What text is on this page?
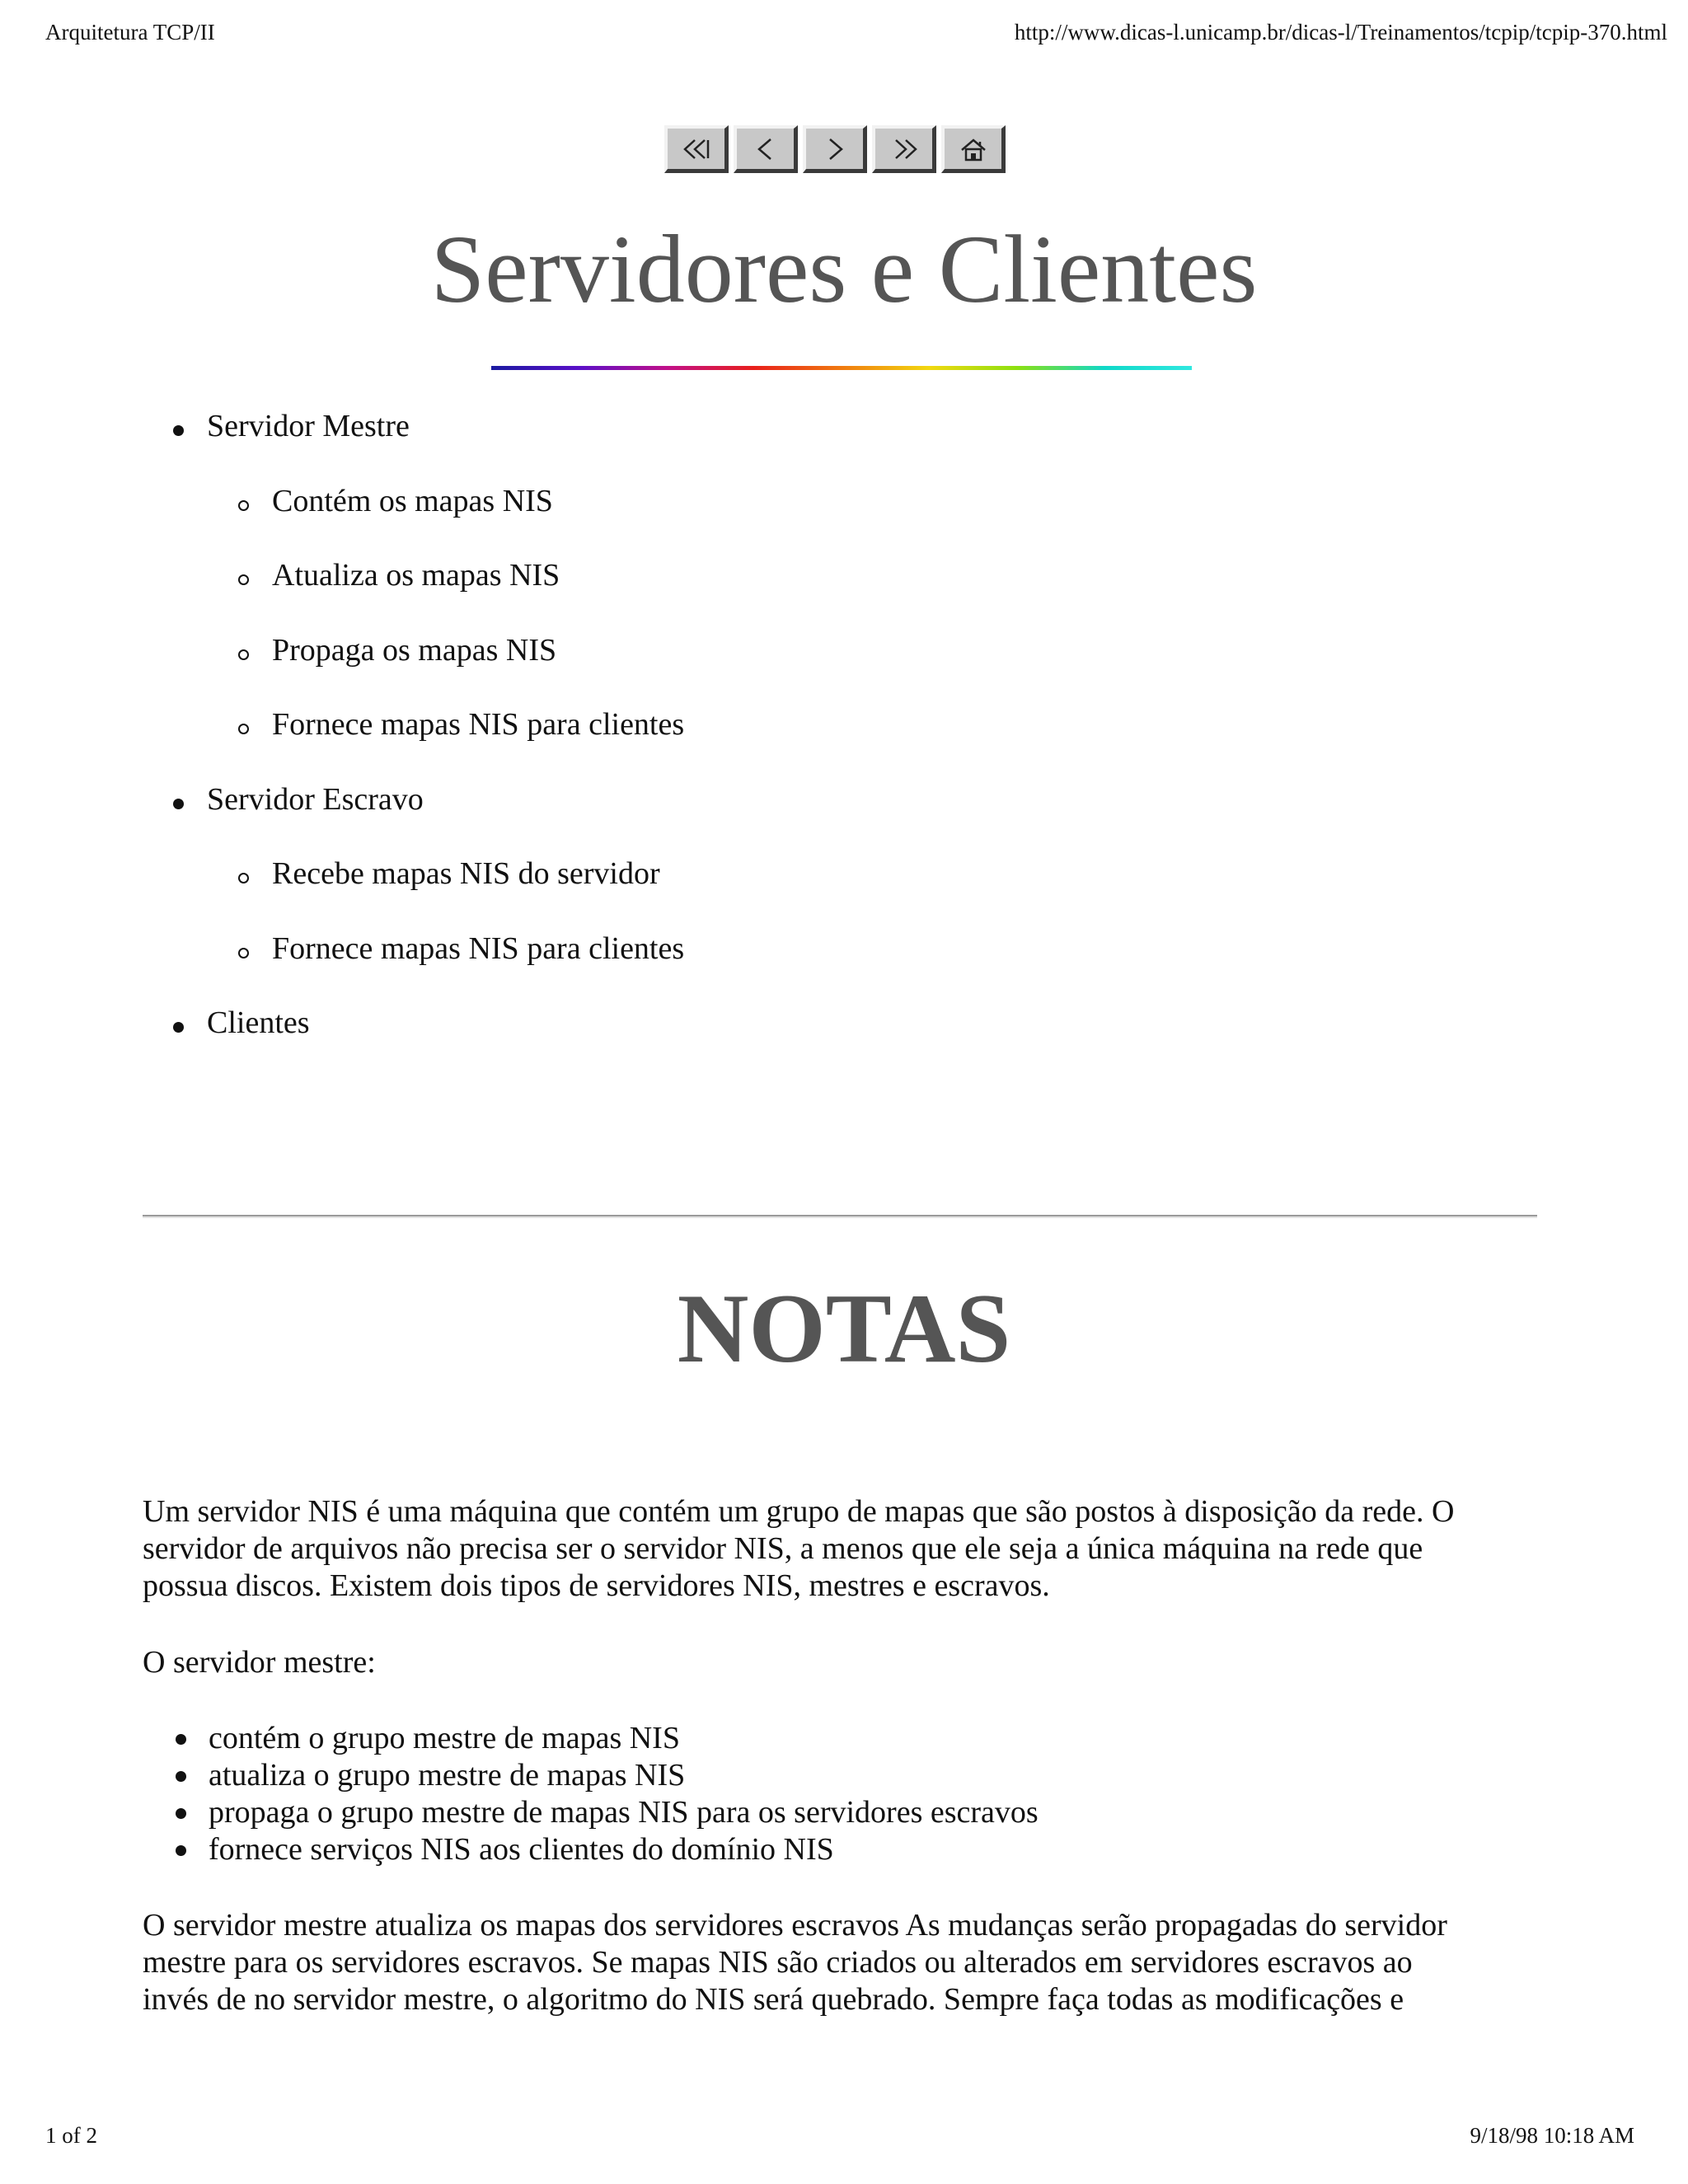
Arquitetura TCP/II	http://www.dicas-l.unicamp.br/dicas-l/Treinamentos/tcpip/tcpip-370.html
Servidores e Clientes
Servidor Mestre
Contém os mapas NIS
Atualiza os mapas NIS
Propaga os mapas NIS
Fornece mapas NIS para clientes
Servidor Escravo
Recebe mapas NIS do servidor
Fornece mapas NIS para clientes
Clientes
NOTAS
Um servidor NIS é uma máquina que contém um grupo de mapas que são postos à disposição da rede. O
servidor de arquivos não precisa ser o servidor NIS, a menos que ele seja a única máquina na rede que
possua discos. Existem dois tipos de servidores NIS, mestres e escravos.
O servidor mestre:
contém o grupo mestre de mapas NIS
atualiza o grupo mestre de mapas NIS
propaga o grupo mestre de mapas NIS para os servidores escravos
fornece serviços NIS aos clientes do domínio NIS
O servidor mestre atualiza os mapas dos servidores escravos As mudanças serão propagadas do servidor
mestre para os servidores escravos. Se mapas NIS são criados ou alterados em servidores escravos ao
invés de no servidor mestre, o algoritmo do NIS será quebrado. Sempre faça todas as modificações e
1 of 2	9/18/98 10:18 AM
